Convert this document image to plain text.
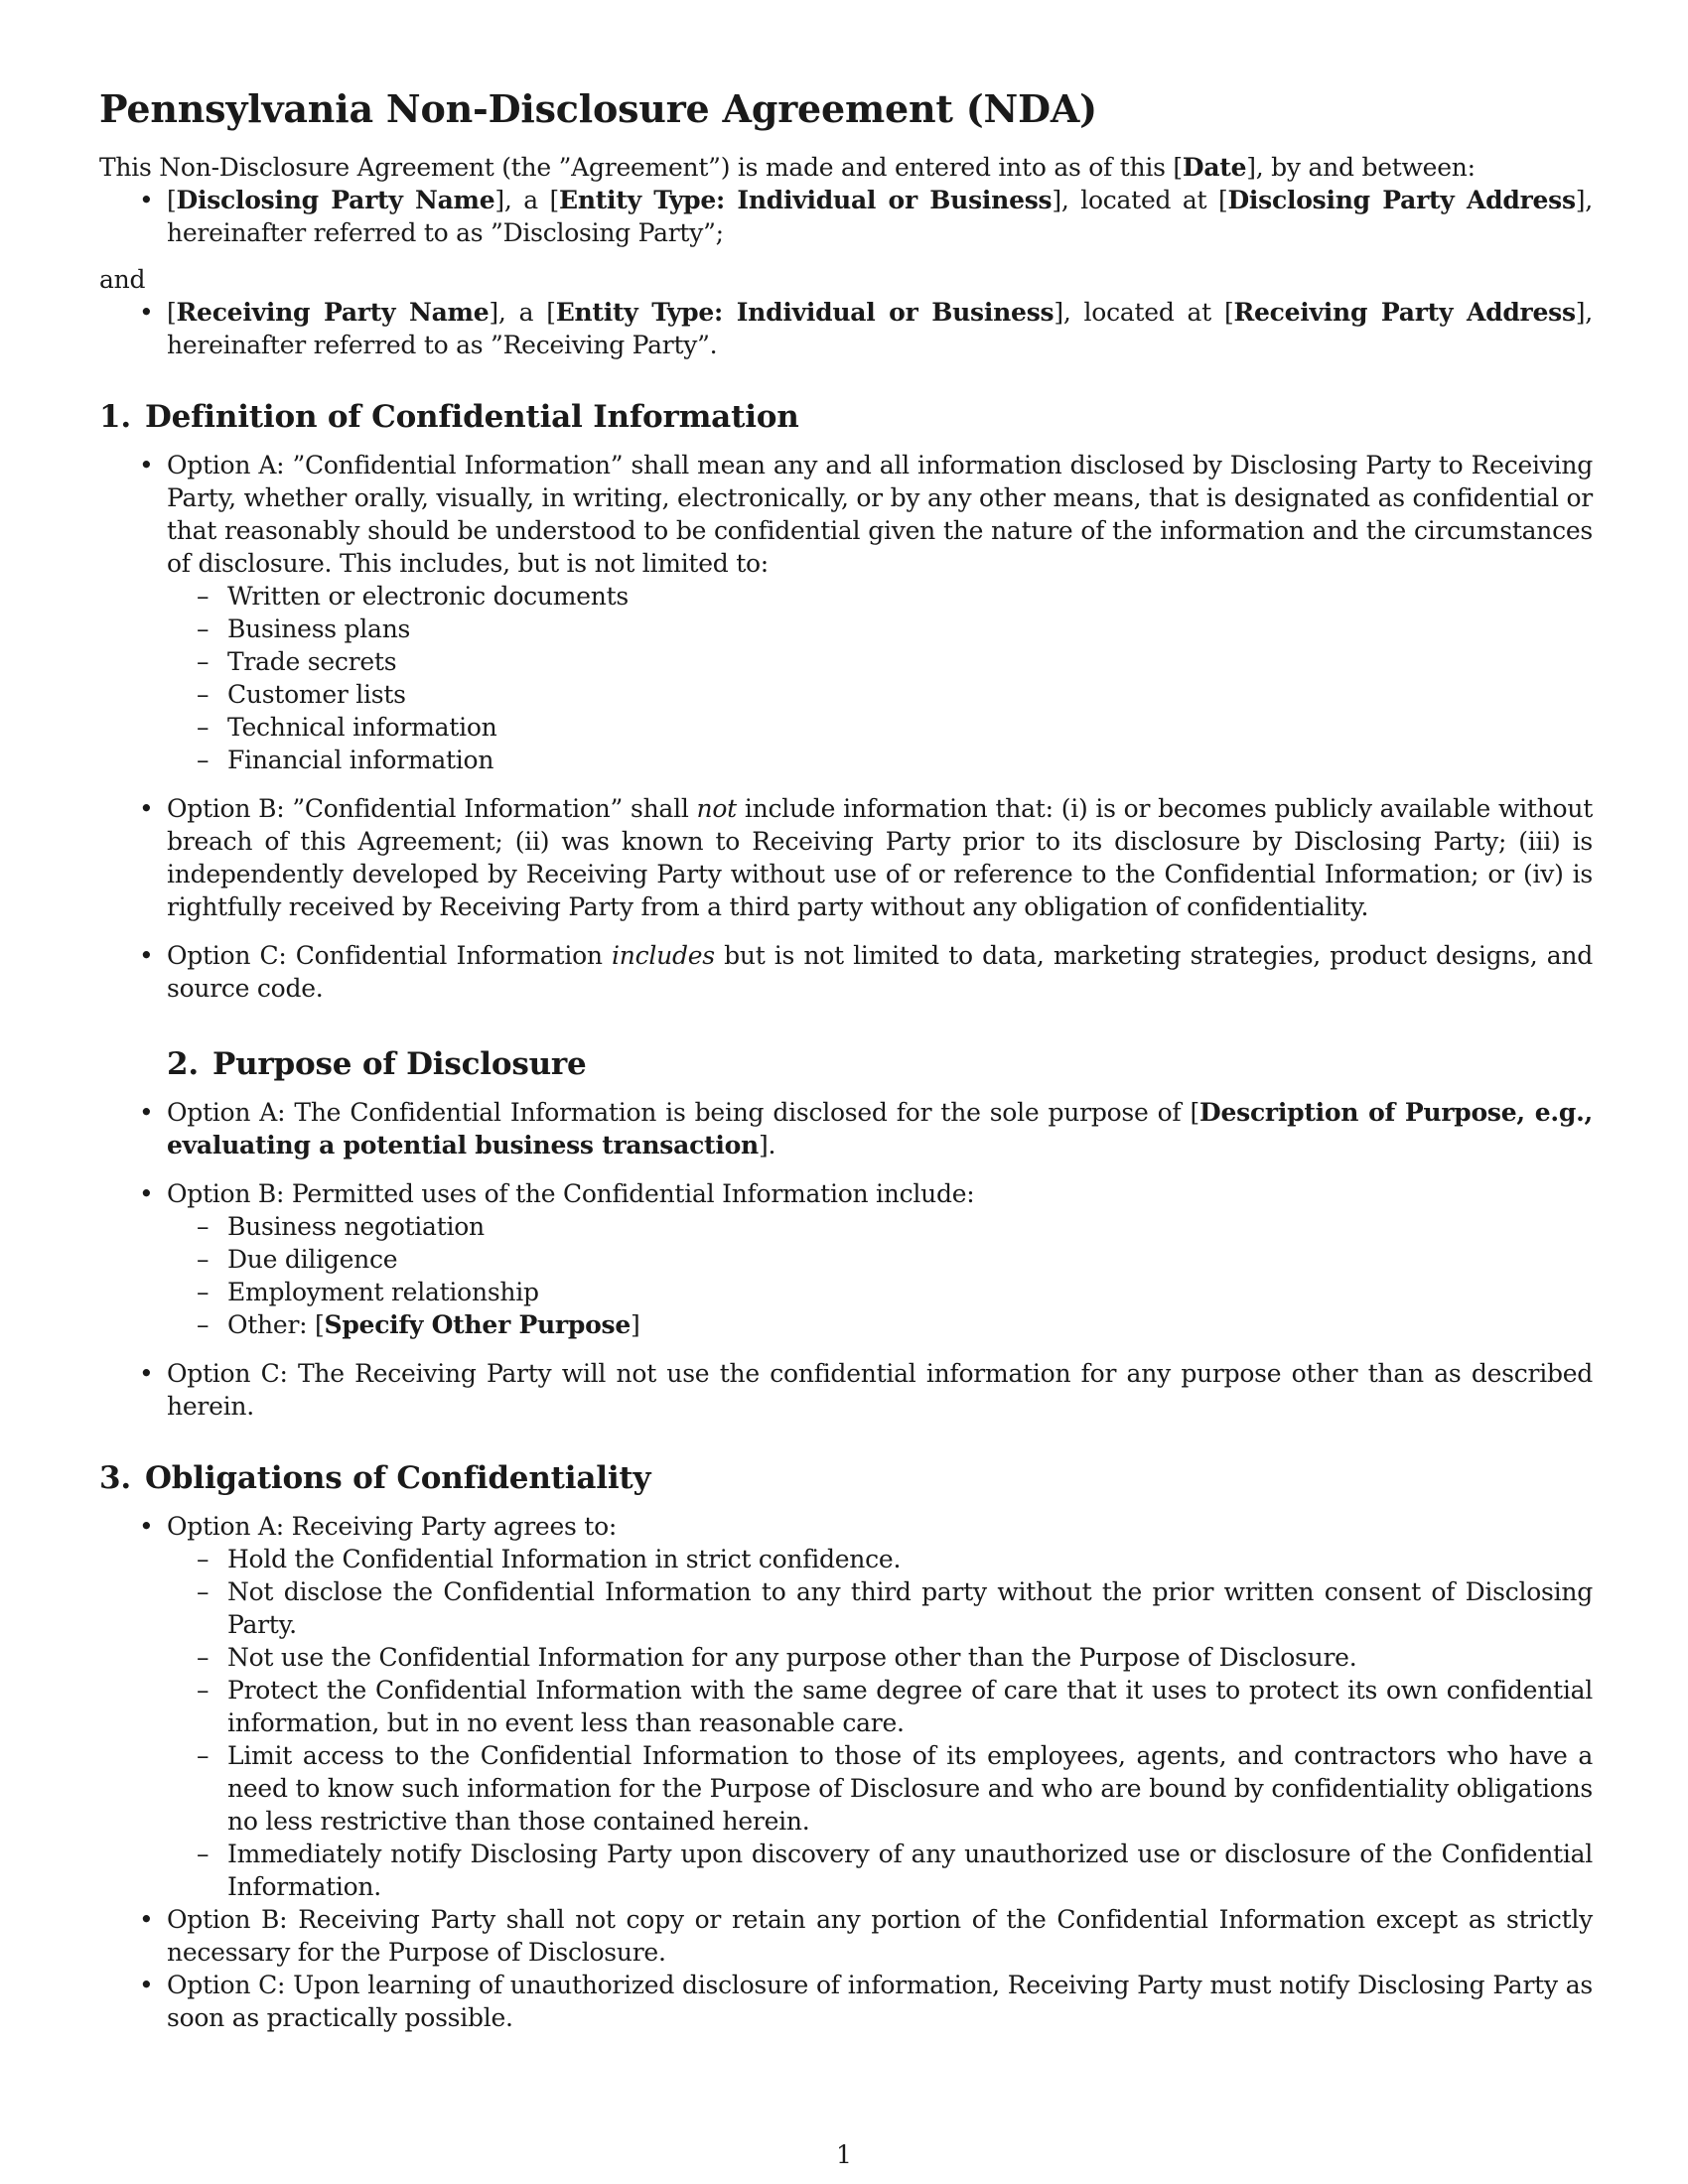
Pennsylvania Non-Disclosure Agreement (NDA)

This Non-Disclosure Agreement (the ”Agreement”) is made and entered into as of this [Date], by and between:

• [Disclosing Party Name], a [Entity Type: Individual or Business], located at [Disclosing Party Address], hereinafter referred to as ”Disclosing Party”;

and

• [Receiving Party Name], a [Entity Type: Individual or Business], located at [Receiving Party Address], hereinafter referred to as ”Receiving Party”.
1. Definition of Confidential Information
• Option A: ”Confidential Information” shall mean any and all information disclosed by Disclosing Party to Receiving Party, whether orally, visually, in writing, electronically, or by any other means, that is designated as confidential or that reasonably should be understood to be confidential given the nature of the information and the circumstances of disclosure. This includes, but is not limited to:
– Written or electronic documents
– Business plans
– Trade secrets
– Customer lists
– Technical information
– Financial information
• Option B: ”Confidential Information” shall not include information that: (i) is or becomes publicly available without breach of this Agreement; (ii) was known to Receiving Party prior to its disclosure by Disclosing Party; (iii) is independently developed by Receiving Party without use of or reference to the Confidential Information; or (iv) is rightfully received by Receiving Party from a third party without any obligation of confidentiality.
• Option C: Confidential Information includes but is not limited to data, marketing strategies, product designs, and source code.
2. Purpose of Disclosure
• Option A: The Confidential Information is being disclosed for the sole purpose of [Description of Purpose, e.g., evaluating a potential business transaction].
• Option B: Permitted uses of the Confidential Information include:
– Business negotiation
– Due diligence
– Employment relationship
– Other: [Specify Other Purpose]
• Option C: The Receiving Party will not use the confidential information for any purpose other than as described herein.
3. Obligations of Confidentiality
• Option A: Receiving Party agrees to:
– Hold the Confidential Information in strict confidence.
– Not disclose the Confidential Information to any third party without the prior written consent of Disclosing Party.
– Not use the Confidential Information for any purpose other than the Purpose of Disclosure.
– Protect the Confidential Information with the same degree of care that it uses to protect its own confidential information, but in no event less than reasonable care.
– Limit access to the Confidential Information to those of its employees, agents, and contractors who have a need to know such information for the Purpose of Disclosure and who are bound by confidentiality obligations no less restrictive than those contained herein.
– Immediately notify Disclosing Party upon discovery of any unauthorized use or disclosure of the Confidential Information.
• Option B: Receiving Party shall not copy or retain any portion of the Confidential Information except as strictly necessary for the Purpose of Disclosure.
• Option C: Upon learning of unauthorized disclosure of information, Receiving Party must notify Disclosing Party as soon as practically possible.
1
